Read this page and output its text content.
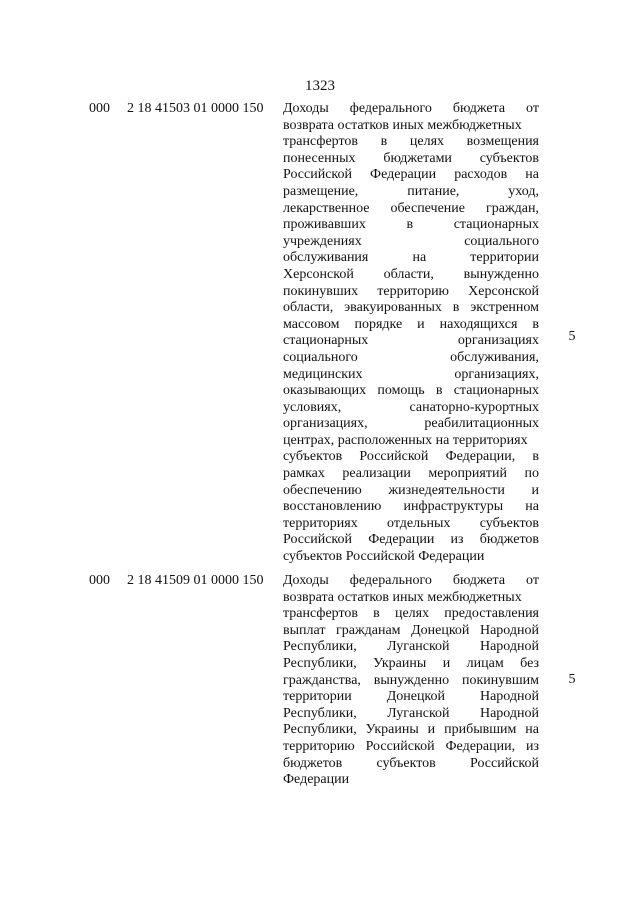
1323
000 2 18 41503 01 0000 150 Доходы федерального бюджета от
возврата остатков иных межбюджетных
трансфертов в целях возмещения
понесенных бюджетами субъектов
Российской Федерации расходов на
размещение, питание, уход,
лекарственное обеспечение граждан,
проживавших в стационарных
учреждениях социального
обслуживания на территории
Херсонской области, вынужденно
покинувших территорию Херсонской
области, эвакуированных в экстренном
массовом порядке и находящихся в
стационарных организациях
социального обслуживания,
медицинских организациях,
оказывающих помощь в стационарных
условиях, санаторно-курортных
организациях, реабилитационных
центрах, расположенных на территориях
субъектов Российской Федерации, в
рамках реализации мероприятий по
обеспечению жизнедеятельности и
восстановлению инфраструктуры на
территориях отдельных субъектов
Российской Федерации из бюджетов
субъектов Российской Федерации
5
000 2 18 41509 01 0000 150 Доходы федерального бюджета от
возврата остатков иных межбюджетных
трансфертов в целях предоставления
выплат гражданам Донецкой Народной
Республики, Луганской Народной
Республики, Украины и лицам без
гражданства, вынужденно покинувшим
территории Донецкой Народной
Республики, Луганской Народной
Республики, Украины и прибывшим на
территорию Российской Федерации, из
бюджетов субъектов Российской
Федерации
5
